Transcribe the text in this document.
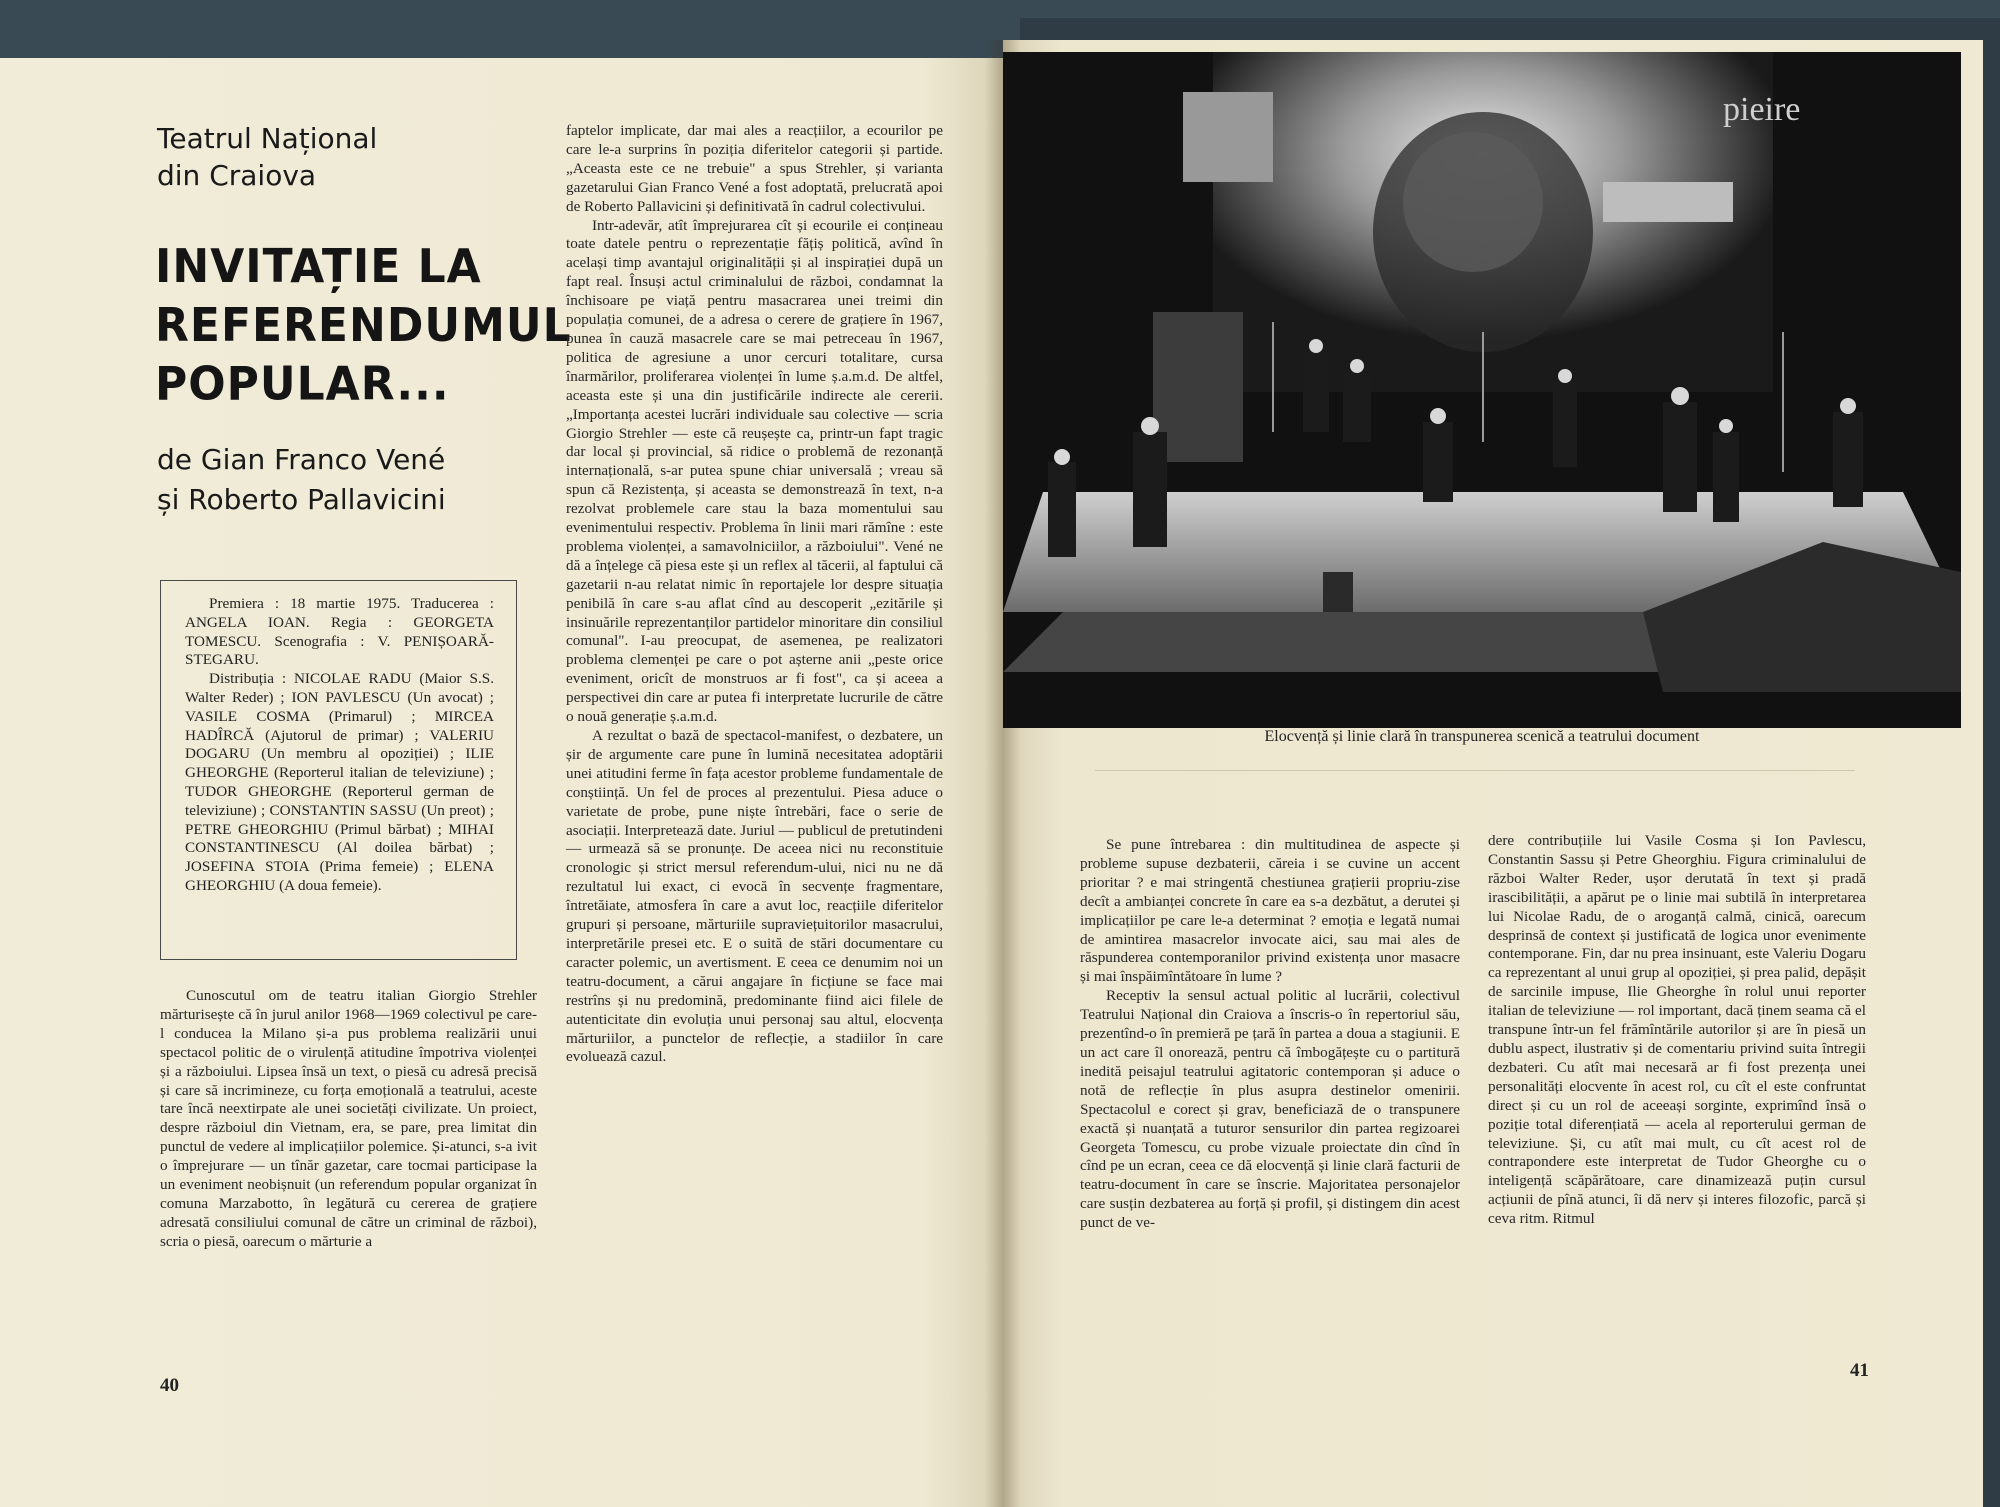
Teatrul Național
din Craiova
INVITAȚIE LA
REFERENDUMUL
POPULAR...
de Gian Franco Vené
și Roberto Pallavicini

Premiera : 18 martie 1975. Traducerea : ANGELA IOAN. Regia : GEORGETA TOMESCU. Scenografia : V. PENIȘOARĂ-STEGARU.

Distribuția : NICOLAE RADU (Maior S.S. Walter Reder) ; ION PAVLESCU (Un avocat) ; VASILE COSMA (Primarul) ; MIRCEA HADÎRCĂ (Ajutorul de primar) ; VALERIU DOGARU (Un membru al opoziției) ; ILIE GHEORGHE (Reporterul italian de televiziune) ; TUDOR GHEORGHE (Reporterul german de televiziune) ; CONSTANTIN SASSU (Un preot) ; PETRE GHEORGHIU (Primul bărbat) ; MIHAI CONSTANTINESCU (Al doilea bărbat) ; JOSEFINA STOIA (Prima femeie) ; ELENA GHEORGHIU (A doua femeie).

Cunoscutul om de teatru italian Giorgio Strehler mărturisește că în jurul anilor 1968—1969 colectivul pe care-l conducea la Milano și-a pus problema realizării unui spectacol politic de o virulență atitudine împotriva violenței și a războiului. Lipsea însă un text, o piesă cu adresă precisă și care să incrimineze, cu forța emoțională a teatrului, aceste tare încă neextirpate ale unei societăți civilizate. Un proiect, despre războiul din Vietnam, era, se pare, prea limitat din punctul de vedere al implicațiilor polemice. Și-atunci, s-a ivit o împrejurare — un tînăr gazetar, care tocmai participase la un eveniment neobișnuit (un referendum popular organizat în comuna Marzabotto, în legătură cu cererea de grațiere adresată consiliului comunal de către un criminal de război), scria o piesă, oarecum o mărturie a

faptelor implicate, dar mai ales a reacțiilor, a ecourilor pe care le-a surprins în poziția diferitelor categorii și partide. „Aceasta este ce ne trebuie" a spus Strehler, și varianta gazetarului Gian Franco Vené a fost adoptată, prelucrată apoi de Roberto Pallavicini și definitivată în cadrul colectivului.

Intr-adevăr, atît împrejurarea cît și ecourile ei conțineau toate datele pentru o reprezentație fățiș politică, avînd în același timp avantajul originalității și al inspirației după un fapt real. Însuși actul criminalului de război, condamnat la închisoare pe viață pentru masacrarea unei treimi din populația comunei, de a adresa o cerere de grațiere în 1967, punea în cauză masacrele care se mai petreceau în 1967, politica de agresiune a unor cercuri totalitare, cursa înarmărilor, proliferarea violenței în lume ș.a.m.d. De altfel, aceasta este și una din justificările indirecte ale cererii. „Importanța acestei lucrări individuale sau colective — scria Giorgio Strehler — este că reușește ca, printr-un fapt tragic dar local și provincial, să ridice o problemă de rezonanță internațională, s-ar putea spune chiar universală ; vreau să spun că Rezistența, și aceasta se demonstrează în text, n-a rezolvat problemele care stau la baza momentului sau evenimentului respectiv. Problema în linii mari rămîne : este problema violenței, a samavolniciilor, a războiului". Vené ne dă a înțelege că piesa este și un reflex al tăcerii, al faptului că gazetarii n-au relatat nimic în reportajele lor despre situația penibilă în care s-au aflat cînd au descoperit „ezitările și insinuările reprezentanților partidelor minoritare din consiliul comunal". I-au preocupat, de asemenea, pe realizatori problema clemenței pe care o pot așterne anii „peste orice eveniment, oricît de monstruos ar fi fost", ca și aceea a perspectivei din care ar putea fi interpretate lucrurile de către o nouă generație ș.a.m.d.

A rezultat o bază de spectacol-manifest, o dezbatere, un șir de argumente care pune în lumină necesitatea adoptării unei atitudini ferme în fața acestor probleme fundamentale de conștiință. Un fel de proces al prezentului. Piesa aduce o varietate de probe, pune niște întrebări, face o serie de asociații. Interpretează date. Juriul — publicul de pretutindeni — urmează să se pronunțe. De aceea nici nu reconstituie cronologic și strict mersul referendum-ului, nici nu ne dă rezultatul lui exact, ci evocă în secvențe fragmentare, întretăiate, atmosfera în care a avut loc, reacțiile diferitelor grupuri și persoane, mărturiile supraviețuitorilor masacrului, interpretările presei etc. E o suită de stări documentare cu caracter polemic, un avertisment. E ceea ce denumim noi un teatru-document, a cărui angajare în ficțiune se face mai restrîns și nu predomină, predominante fiind aici filele de autenticitate din evoluția unui personaj sau altul, elocvența mărturiilor, a punctelor de reflecție, a stadiilor în care evoluează cazul.

40
pieire
Elocvență și linie clară în transpunerea scenică a teatrului document

Se pune întrebarea : din multitudinea de aspecte și probleme supuse dezbaterii, căreia i se cuvine un accent prioritar ? e mai stringentă chestiunea grațierii propriu-zise decît a ambianței concrete în care ea s-a dezbătut, a derutei și implicațiilor pe care le-a determinat ? emoția e legată numai de amintirea masacrelor invocate aici, sau mai ales de răspunderea contemporanilor privind existența unor masacre și mai înspăimîntătoare în lume ?

Receptiv la sensul actual politic al lucrării, colectivul Teatrului Național din Craiova a înscris-o în repertoriul său, prezentînd-o în premieră pe țară în partea a doua a stagiunii. E un act care îl onorează, pentru că îmbogățește cu o partitură inedită peisajul teatrului agitatoric contemporan și aduce o notă de reflecție în plus asupra destinelor omenirii. Spectacolul e corect și grav, beneficiază de o transpunere exactă și nuanțată a tuturor sensurilor din partea regizoarei Georgeta Tomescu, cu probe vizuale proiectate din cînd în cînd pe un ecran, ceea ce dă elocvență și linie clară facturii de teatru-document în care se înscrie. Majoritatea personajelor care susțin dezbaterea au forță și profil, și distingem din acest punct de ve-

dere contribuțiile lui Vasile Cosma și Ion Pavlescu, Constantin Sassu și Petre Gheorghiu. Figura criminalului de război Walter Reder, ușor derutată în text și pradă irascibilității, a apărut pe o linie mai subtilă în interpretarea lui Nicolae Radu, de o aroganță calmă, cinică, oarecum desprinsă de context și justificată de logica unor evenimente contemporane. Fin, dar nu prea insinuant, este Valeriu Dogaru ca reprezentant al unui grup al opoziției, și prea palid, depășit de sarcinile impuse, Ilie Gheorghe în rolul unui reporter italian de televiziune — rol important, dacă ținem seama că el transpune într-un fel frămîntările autorilor și are în piesă un dublu aspect, ilustrativ și de comentariu privind suita întregii dezbateri. Cu atît mai necesară ar fi fost prezența unei personalități elocvente în acest rol, cu cît el este confruntat direct și cu un rol de aceeași sorginte, exprimînd însă o poziție total diferențiată — acela al reporterului german de televiziune. Și, cu atît mai mult, cu cît acest rol de contrapondere este interpretat de Tudor Gheorghe cu o inteligență scăpărătoare, care dinamizează puțin cursul acțiunii de pînă atunci, îi dă nerv și interes filozofic, parcă și ceva ritm. Ritmul

41
